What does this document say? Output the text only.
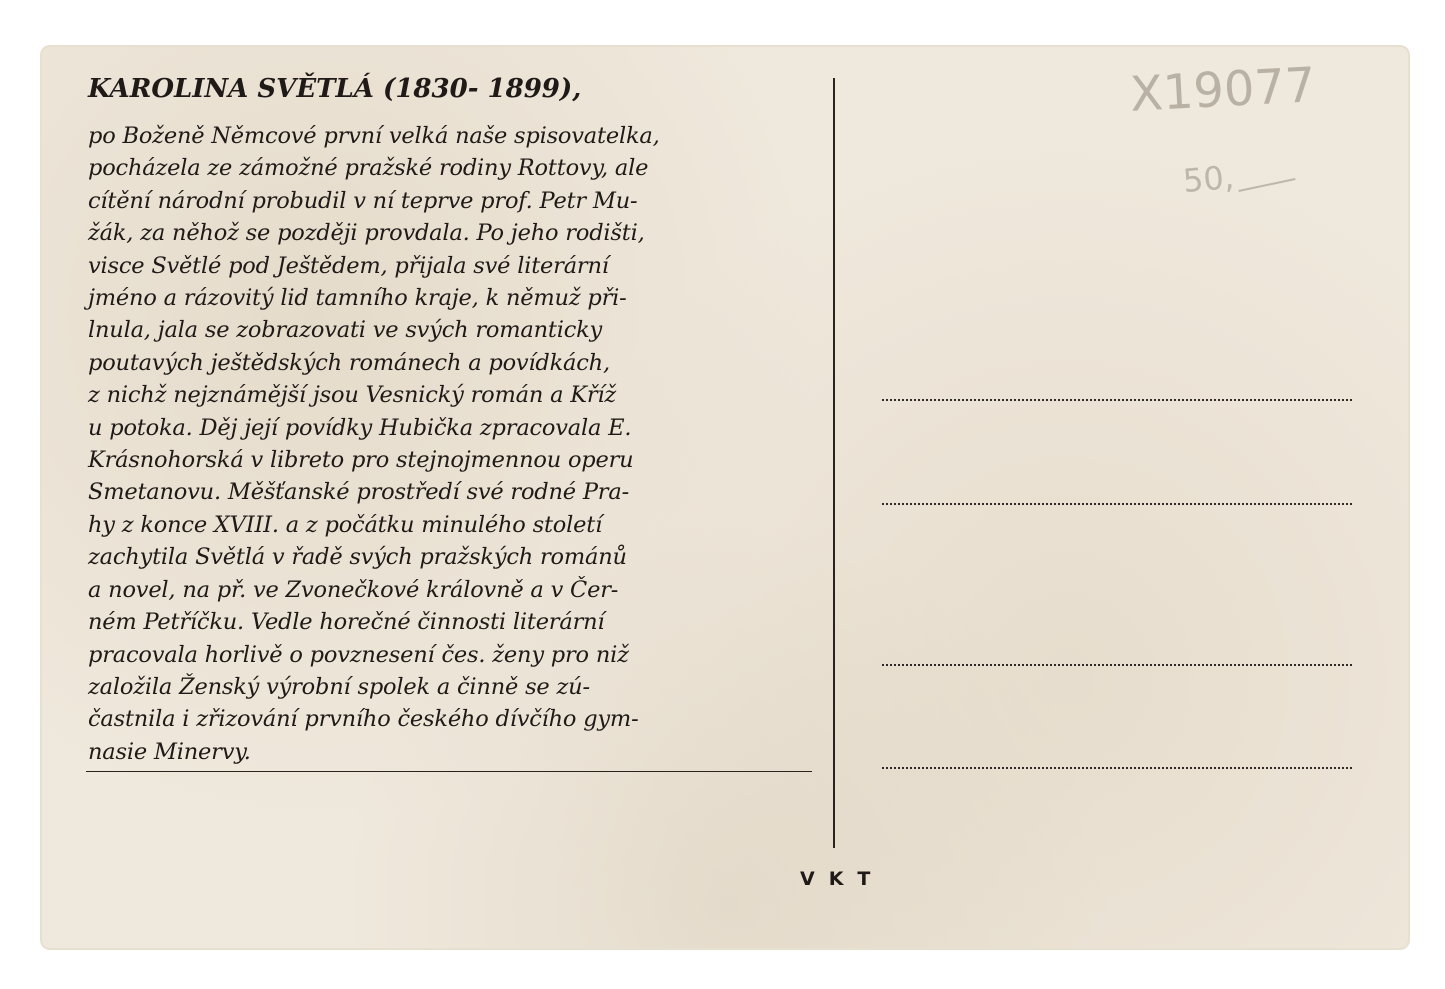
KAROLINA SVĚTLÁ (1830- 1899),

po Boženě Němcové první velká naše spisovatelka,
pocházela ze zámožné pražské rodiny Rottovy, ale
cítění národní probudil v ní teprve prof. Petr Mu-
žák, za něhož se později provdala. Po jeho rodišti,
visce Světlé pod Ještědem, přijala své literární
jméno a rázovitý lid tamního kraje, k němuž při-
lnula, jala se zobrazovati ve svých romanticky
poutavých ještědských románech a povídkách,
z nichž nejznámější jsou Vesnický román a Kříž
u potoka. Děj její povídky Hubička zpracovala E.
Krásnohorská v libreto pro stejnojmennou operu
Smetanovu. Měšťanské prostředí své rodné Pra-
hy z konce XVIII. a z počátku minulého století
zachytila Světlá v řadě svých pražských románů
a novel, na př. ve Zvonečkové královně a v Čer-
ném Petříčku. Vedle horečné činnosti literární
pracovala horlivě o povznesení čes. ženy pro niž
založila Ženský výrobní spolek a činně se zú-
častnila i zřizování prvního českého dívčího gym-
nasie Minervy.

VKT

X19077

50,
